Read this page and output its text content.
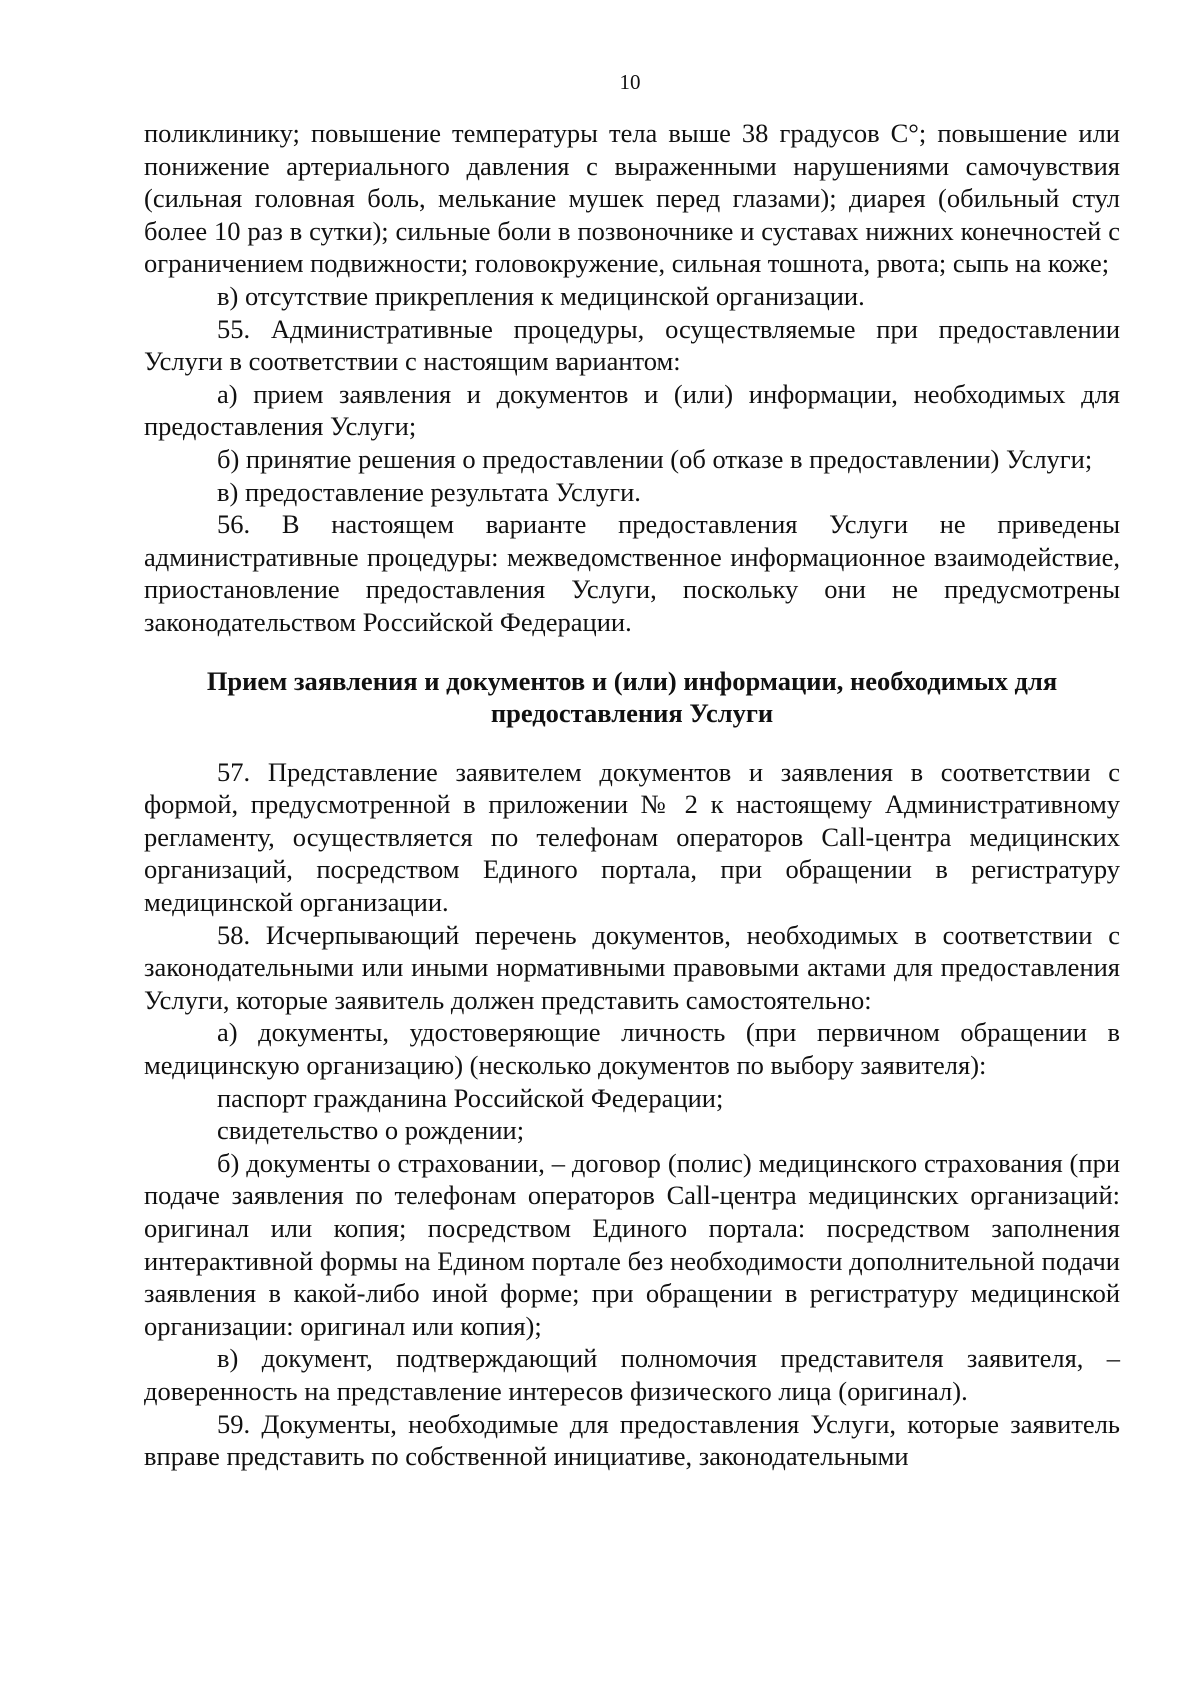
10

поликлинику; повышение температуры тела выше 38 градусов С°; повышение или понижение артериального давления с выраженными нарушениями самочувствия (сильная головная боль, мелькание мушек перед глазами); диарея (обильный стул более 10 раз в сутки); сильные боли в позвоночнике и суставах нижних конечностей с ограничением подвижности; головокружение, сильная тошнота, рвота; сыпь на коже;

в) отсутствие прикрепления к медицинской организации.

55. Административные процедуры, осуществляемые при предоставлении Услуги в соответствии с настоящим вариантом:

а) прием заявления и документов и (или) информации, необходимых для предоставления Услуги;

б) принятие решения о предоставлении (об отказе в предоставлении) Услуги;

в) предоставление результата Услуги.

56. В настоящем варианте предоставления Услуги не приведены административные процедуры: межведомственное информационное взаимодействие, приостановление предоставления Услуги, поскольку они не предусмотрены законодательством Российской Федерации.

Прием заявления и документов и (или) информации, необходимых для предоставления Услуги

57. Представление заявителем документов и заявления в соответствии с формой, предусмотренной в приложении № 2 к настоящему Административному регламенту, осуществляется по телефонам операторов Call-центра медицинских организаций, посредством Единого портала, при обращении в регистратуру медицинской организации.

58. Исчерпывающий перечень документов, необходимых в соответствии с законодательными или иными нормативными правовыми актами для предоставления Услуги, которые заявитель должен представить самостоятельно:

а) документы, удостоверяющие личность (при первичном обращении в медицинскую организацию) (несколько документов по выбору заявителя):

паспорт гражданина Российской Федерации;

свидетельство о рождении;

б) документы о страховании, – договор (полис) медицинского страхования (при подаче заявления по телефонам операторов Call-центра медицинских организаций: оригинал или копия; посредством Единого портала: посредством заполнения интерактивной формы на Едином портале без необходимости дополнительной подачи заявления в какой-либо иной форме; при обращении в регистратуру медицинской организации: оригинал или копия);

в) документ, подтверждающий полномочия представителя заявителя, – доверенность на представление интересов физического лица (оригинал).

59. Документы, необходимые для предоставления Услуги, которые заявитель вправе представить по собственной инициативе, законодательными
